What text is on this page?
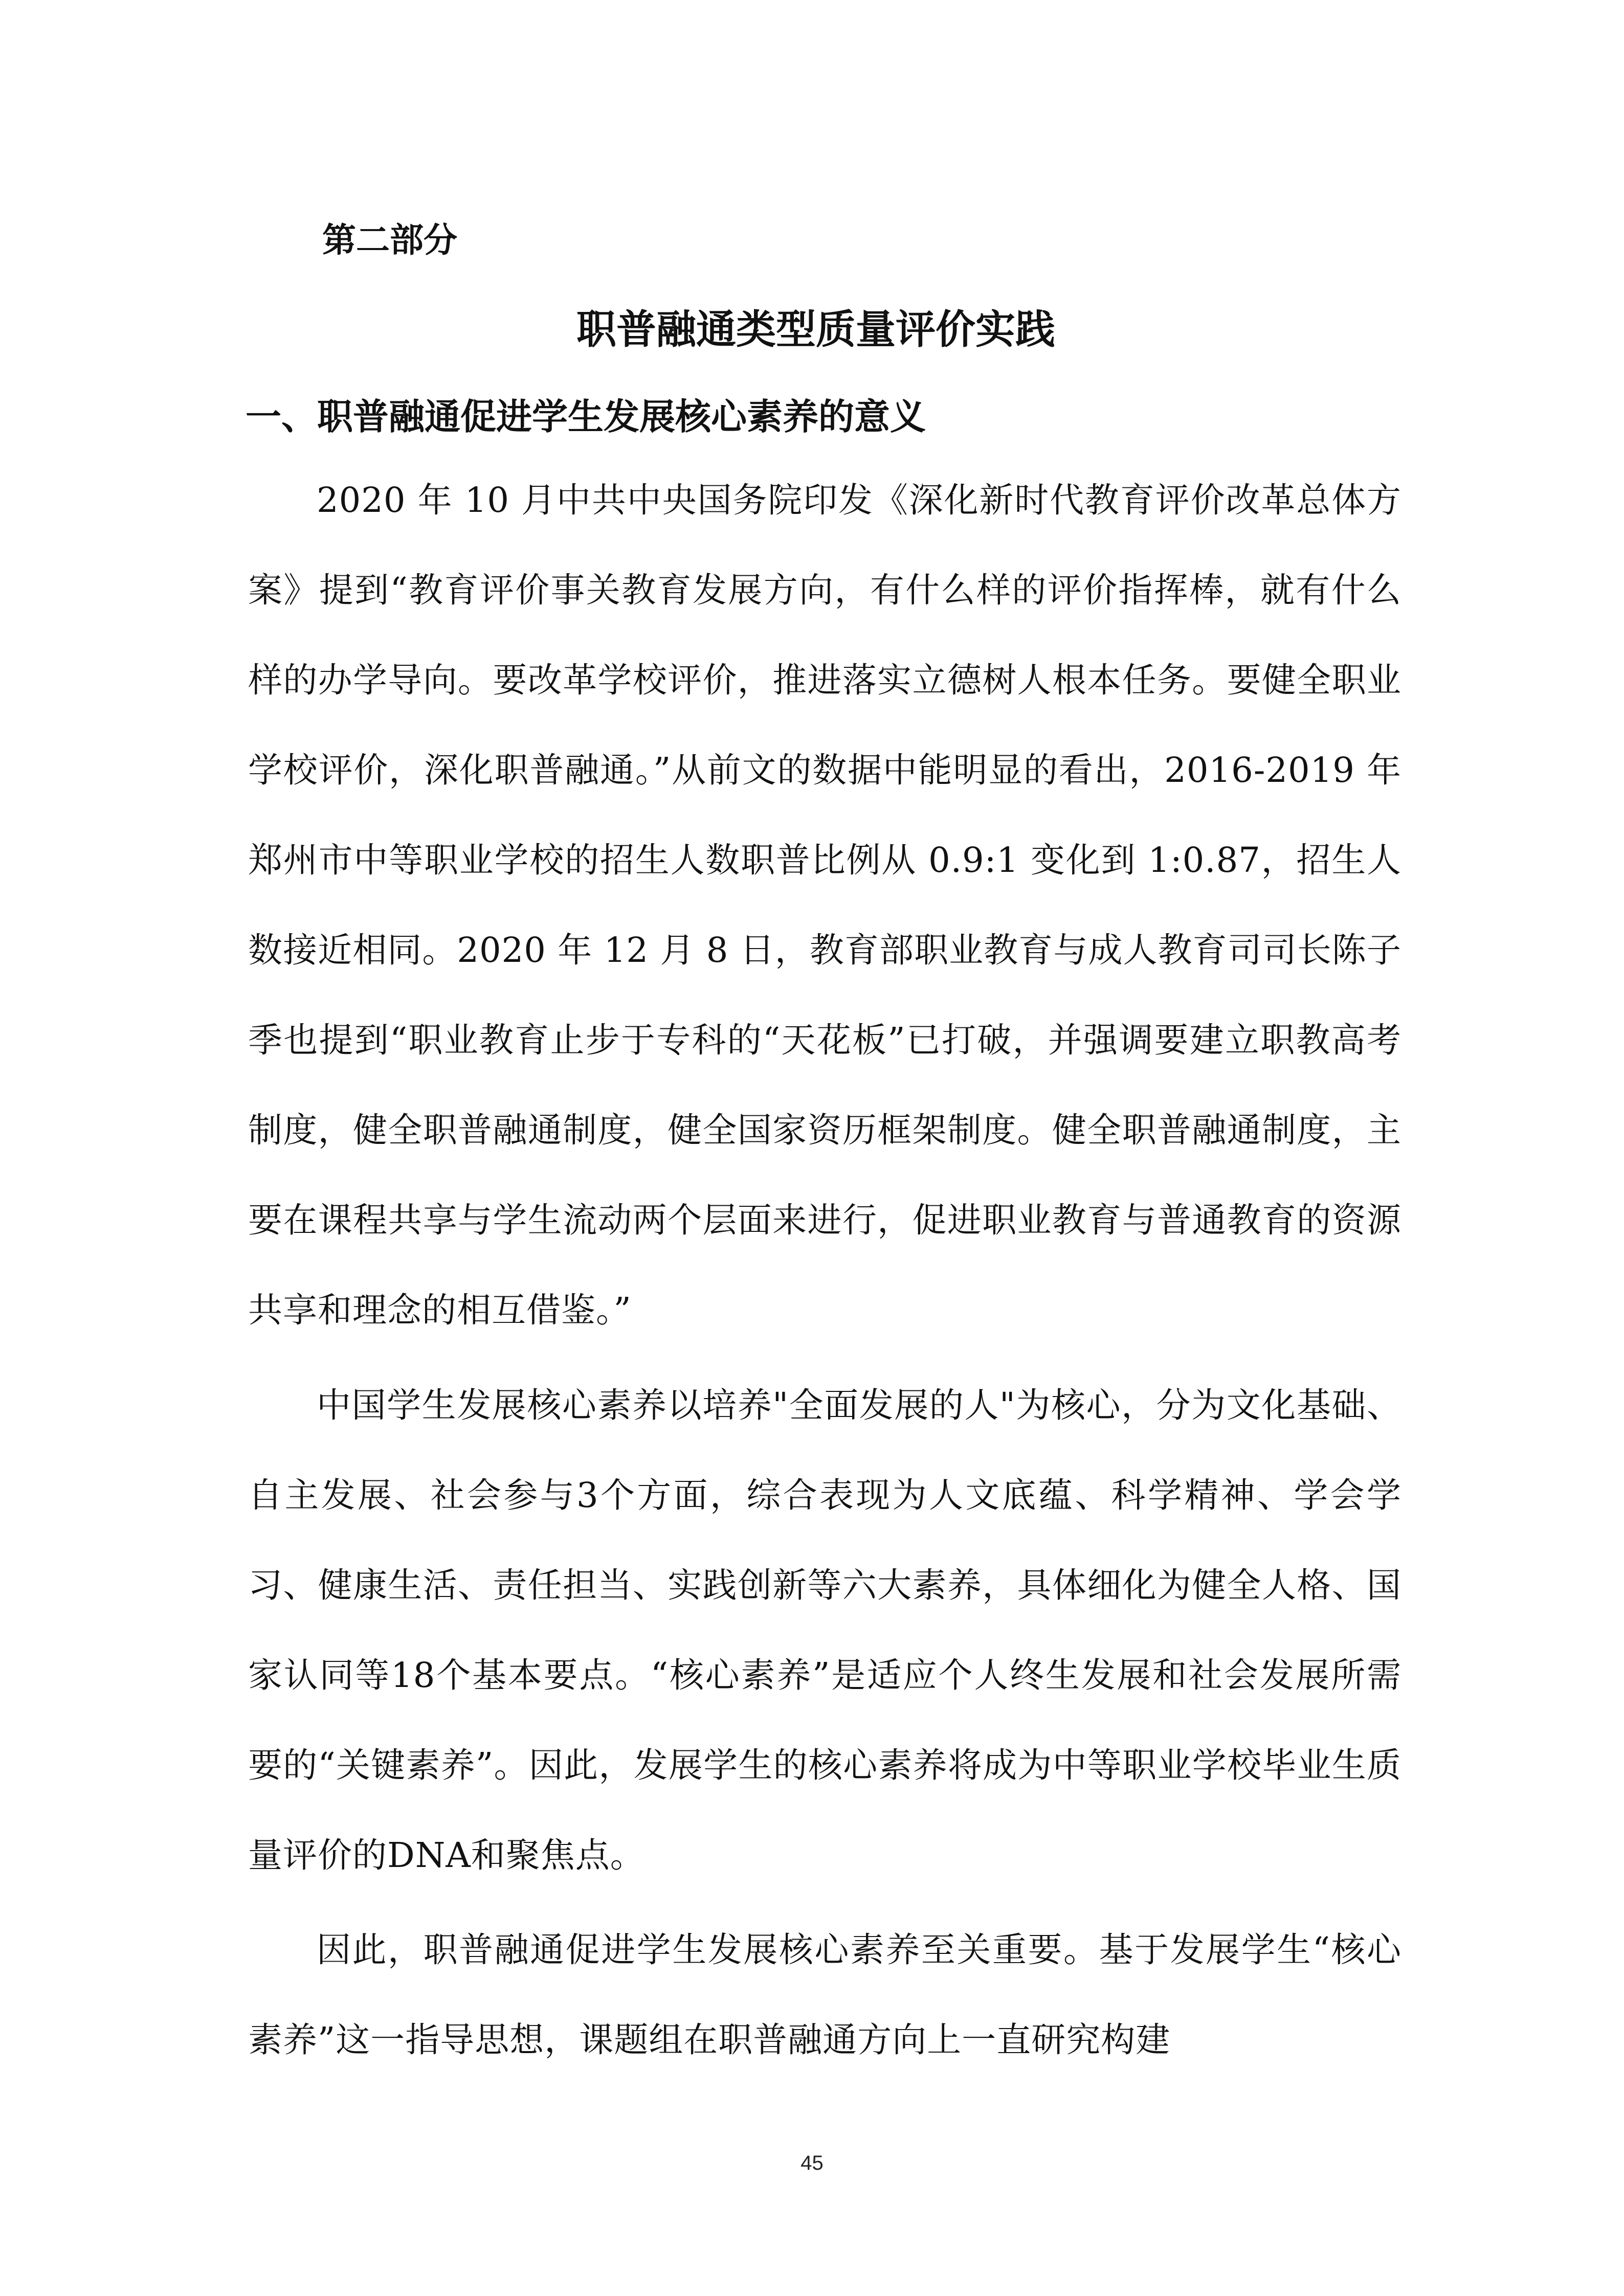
第二部分

职普融通类型质量评价实践
一、职普融通促进学生发展核心素养的意义

2020 年 10 月中共中央国务院印发《深化新时代教育评价改革总体方案》提到“教育评价事关教育发展方向，有什么样的评价指挥棒，就有什么样的办学导向。要改革学校评价，推进落实立德树人根本任务。要健全职业学校评价，深化职普融通。”从前文的数据中能明显的看出，2016-2019 年郑州市中等职业学校的招生人数职普比例从 0.9:1 变化到 1:0.87，招生人数接近相同。2020 年 12 月 8 日，教育部职业教育与成人教育司司长陈子季也提到“职业教育止步于专科的“天花板”已打破，并强调要建立职教高考制度，健全职普融通制度，健全国家资历框架制度。健全职普融通制度，主要在课程共享与学生流动两个层面来进行，促进职业教育与普通教育的资源共享和理念的相互借鉴。”

中国学生发展核心素养以培养"全面发展的人"为核心，分为文化基础、 自主发展、社会参与3个方面，综合表现为人文底蕴、科学精神、学会学习、健康生活、责任担当、实践创新等六大素养，具体细化为健全人格、国家认同等18个基本要点。“核心素养”是适应个人终生发展和社会发展所需要的“关键素养”。因此，发展学生的核心素养将成为中等职业学校毕业生质量评价的DNA和聚焦点。

因此，职普融通促进学生发展核心素养至关重要。基于发展学生“核心素养”这一指导思想，课题组在职普融通方向上一直研究构建

45
